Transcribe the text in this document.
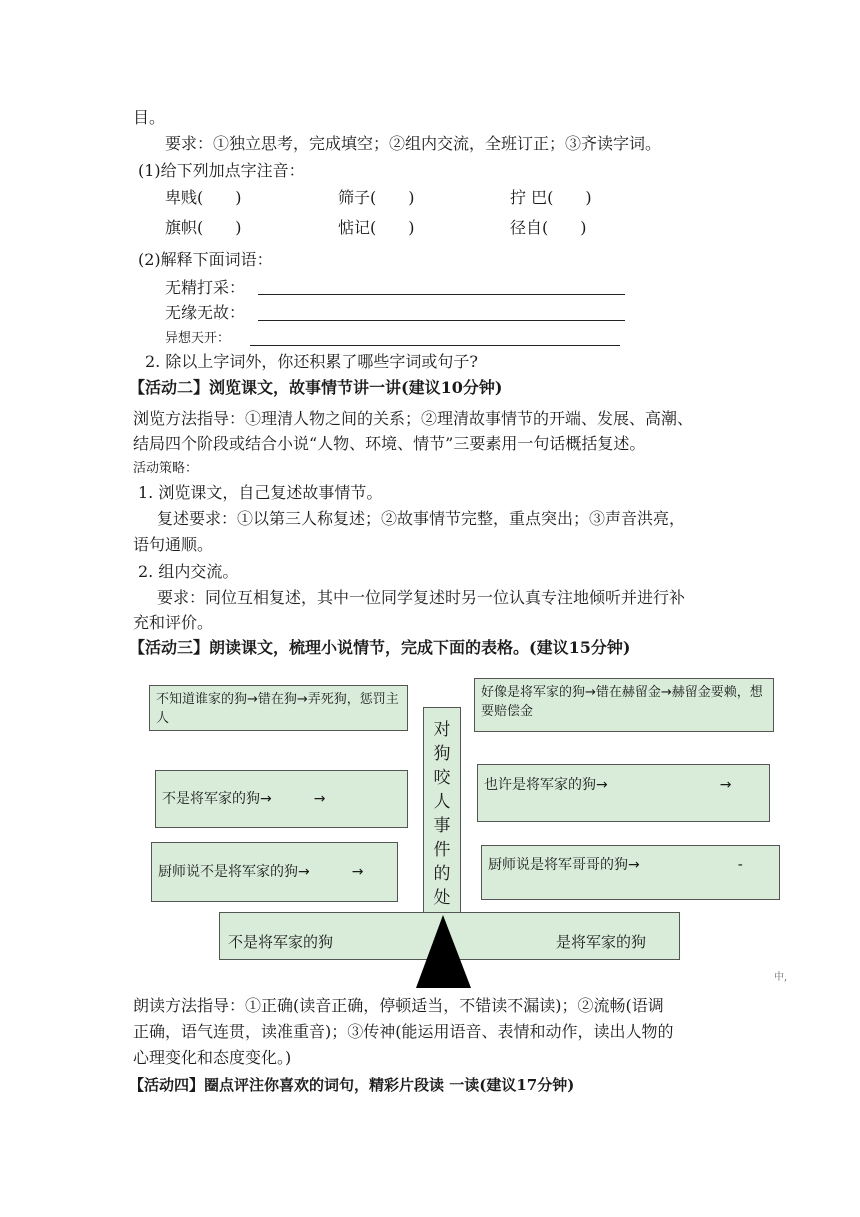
目。
要求：①独立思考，完成填空；②组内交流，全班订正；③齐读字词。
(1)给下列加点字注音：
卑贱(　　)	筛子(　　)	拧 巴(　　)
旗帜(　　)	惦记(　　)	径自(　　)
(2)解释下面词语：
无精打采：
无缘无故：
异想天开：
2. 除以上字词外，你还积累了哪些字词或句子?
【活动二】浏览课文，故事情节讲一讲(建议10分钟)
浏览方法指导：①理清人物之间的关系；②理清故事情节的开端、发展、高潮、
结局四个阶段或结合小说“人物、环境、情节”三要素用一句话概括复述。
活动策略：
1. 浏览课文，自己复述故事情节。
复述要求：①以第三人称复述；②故事情节完整，重点突出；③声音洪亮，
语句通顺。
2. 组内交流。
要求：同位互相复述，其中一位同学复述时另一位认真专注地倾听并进行补
充和评价。
【活动三】朗读课文，梳理小说情节，完成下面的表格。(建议15分钟)
不知道谁家的狗→错在狗→弄死狗，惩罚主人
不是将军家的狗→　　　→
厨师说不是将军家的狗→　　　→
好像是将军家的狗→错在赫留金→赫留金要赖，想要赔偿金
也许是将军家的狗→　　　　　　　　→
厨师说是将军哥哥的狗→　　　　　　　-
对
狗
咬
人
事
件
的
处
不是将军家的狗	是将军家的狗
中,
朗读方法指导：①正确(读音正确，停顿适当，不错读不漏读)；②流畅(语调
正确，语气连贯，读准重音)；③传神(能运用语音、表情和动作，读出人物的
心理变化和态度变化。)
【活动四】圈点评注你喜欢的词句，精彩片段读 一读(建议17分钟)
